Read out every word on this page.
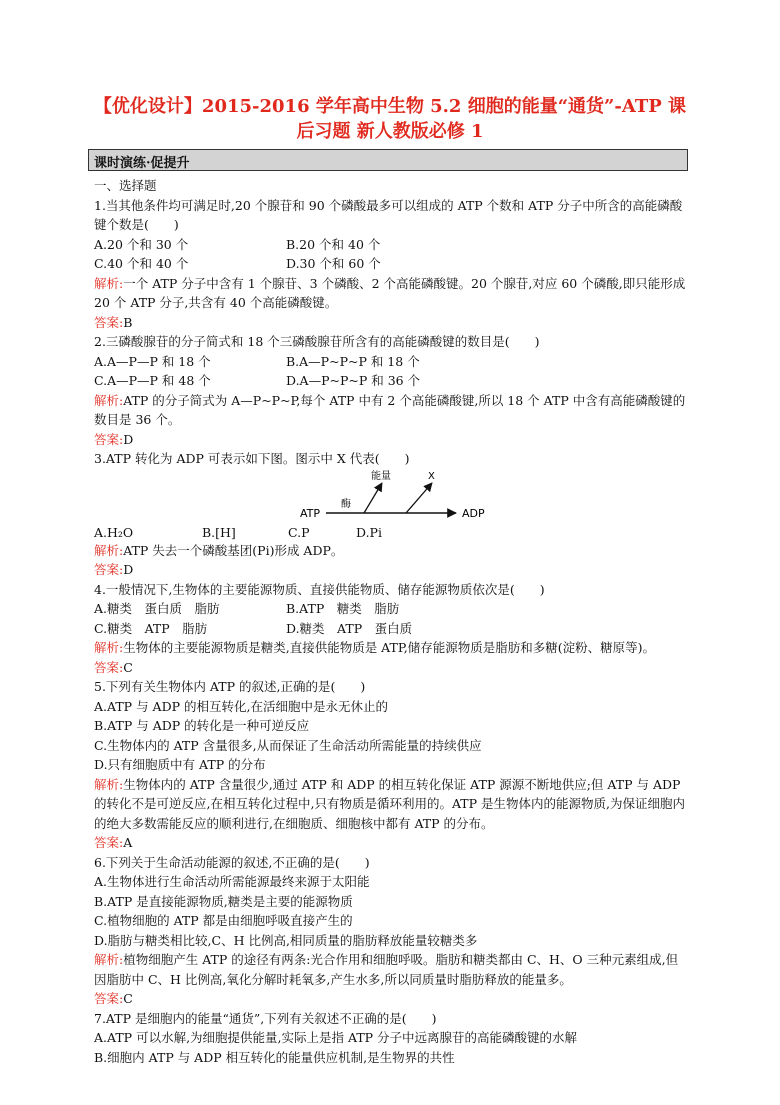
【优化设计】2015-2016 学年高中生物 5.2 细胞的能量“通货”-ATP 课
后习题 新人教版必修 1
课时演练·促提升

一、选择题

1.当其他条件均可满足时,20 个腺苷和 90 个磷酸最多可以组成的 ATP 个数和 ATP 分子中所含的高能磷酸键个数是(　　)

A.20 个和 30 个	B.20 个和 40 个
C.40 个和 40 个	D.30 个和 60 个

解析:一个 ATP 分子中含有 1 个腺苷、3 个磷酸、2 个高能磷酸键。20 个腺苷,对应 60 个磷酸,即只能形成 20 个 ATP 分子,共含有 40 个高能磷酸键。

答案:B

2.三磷酸腺苷的分子简式和 18 个三磷酸腺苷所含有的高能磷酸键的数目是(　　)

A.A—P—P 和 18 个	B.A—P~P~P 和 18 个
C.A—P—P 和 48 个	D.A—P~P~P 和 36 个

解析:ATP 的分子简式为 A—P~P~P,每个 ATP 中有 2 个高能磷酸键,所以 18 个 ATP 中含有高能磷酸键的数目是 36 个。

答案:D

3.ATP 转化为 ADP 可表示如下图。图示中 X 代表(　　)

ATP
酶
ADP
能量	X
A.H₂O	B.[H]	C.P	D.Pi

解析:ATP 失去一个磷酸基团(Pi)形成 ADP。

答案:D

4.一般情况下,生物体的主要能源物质、直接供能物质、储存能源物质依次是(　　)

A.糖类　蛋白质　脂肪	B.ATP　糖类　脂肪
C.糖类　ATP　脂肪	D.糖类　ATP　蛋白质

解析:生物体的主要能源物质是糖类,直接供能物质是 ATP,储存能源物质是脂肪和多糖(淀粉、糖原等)。

答案:C

5.下列有关生物体内 ATP 的叙述,正确的是(　　)

A.ATP 与 ADP 的相互转化,在活细胞中是永无休止的

B.ATP 与 ADP 的转化是一种可逆反应

C.生物体内的 ATP 含量很多,从而保证了生命活动所需能量的持续供应

D.只有细胞质中有 ATP 的分布

解析:生物体内的 ATP 含量很少,通过 ATP 和 ADP 的相互转化保证 ATP 源源不断地供应;但 ATP 与 ADP 的转化不是可逆反应,在相互转化过程中,只有物质是循环利用的。ATP 是生物体内的能源物质,为保证细胞内的绝大多数需能反应的顺利进行,在细胞质、细胞核中都有 ATP 的分布。

答案:A

6.下列关于生命活动能源的叙述,不正确的是(　　)

A.生物体进行生命活动所需能源最终来源于太阳能

B.ATP 是直接能源物质,糖类是主要的能源物质

C.植物细胞的 ATP 都是由细胞呼吸直接产生的

D.脂肪与糖类相比较,C、H 比例高,相同质量的脂肪释放能量较糖类多

解析:植物细胞产生 ATP 的途径有两条:光合作用和细胞呼吸。脂肪和糖类都由 C、H、O 三种元素组成,但因脂肪中 C、H 比例高,氧化分解时耗氧多,产生水多,所以同质量时脂肪释放的能量多。

答案:C

7.ATP 是细胞内的能量“通货”,下列有关叙述不正确的是(　　)

A.ATP 可以水解,为细胞提供能量,实际上是指 ATP 分子中远离腺苷的高能磷酸键的水解

B.细胞内 ATP 与 ADP 相互转化的能量供应机制,是生物界的共性
